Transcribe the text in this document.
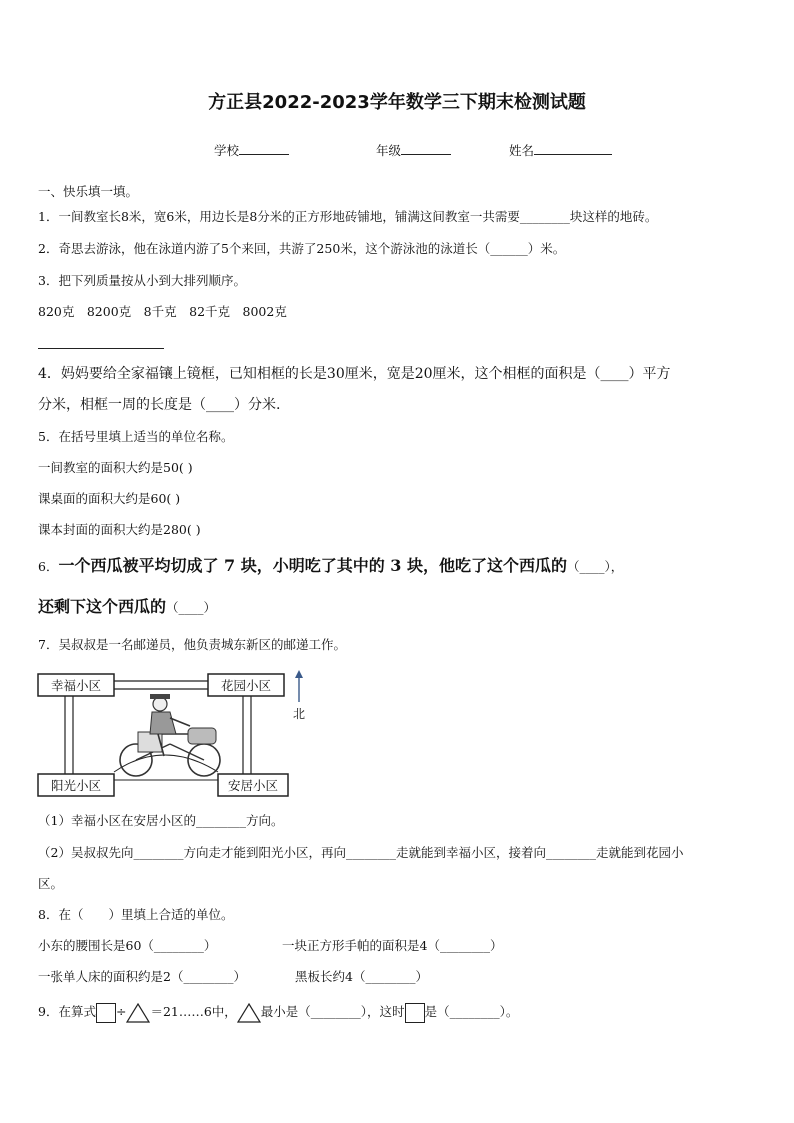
方正县2022-2023学年数学三下期末检测试题
学校	年级	姓名
一、快乐填一填。
1．一间教室长8米，宽6米，用边长是8分米的正方形地砖铺地，铺满这间教室一共需要________块这样的地砖。
2．奇思去游泳，他在泳道内游了5个来回，共游了250米，这个游泳池的泳道长（______）米。
3．把下列质量按从小到大排列顺序。
820克　8200克　8千克　82千克　8002克
4．妈妈要给全家福镶上镜框，已知相框的长是30厘米，宽是20厘米，这个相框的面积是（____）平方
分米，相框一周的长度是（____）分米.
5．在括号里填上适当的单位名称。
一间教室的面积大约是50( )
课桌面的面积大约是60( )
课本封面的面积大约是280( )
6．一个西瓜被平均切成了 7 块，小明吃了其中的 3 块，他吃了这个西瓜的（____），
还剩下这个西瓜的（____）
7．吴叔叔是一名邮递员，他负责城东新区的邮递工作。
幸福小区	花园小区
阳光小区	安居小区
北
（1）幸福小区在安居小区的________方向。
（2）吴叔叔先向________方向走才能到阳光小区，再向________走就能到幸福小区，接着向________走就能到花园小
区。
8．在（　　）里填上合适的单位。
小东的腰围长是60（________）	一块正方形手帕的面积是4（________）
一张单人床的面积约是2（________）	黑板长约4（________）
9．在算式 ÷ ＝21……6中， 最小是（________），这时 是（________）。
